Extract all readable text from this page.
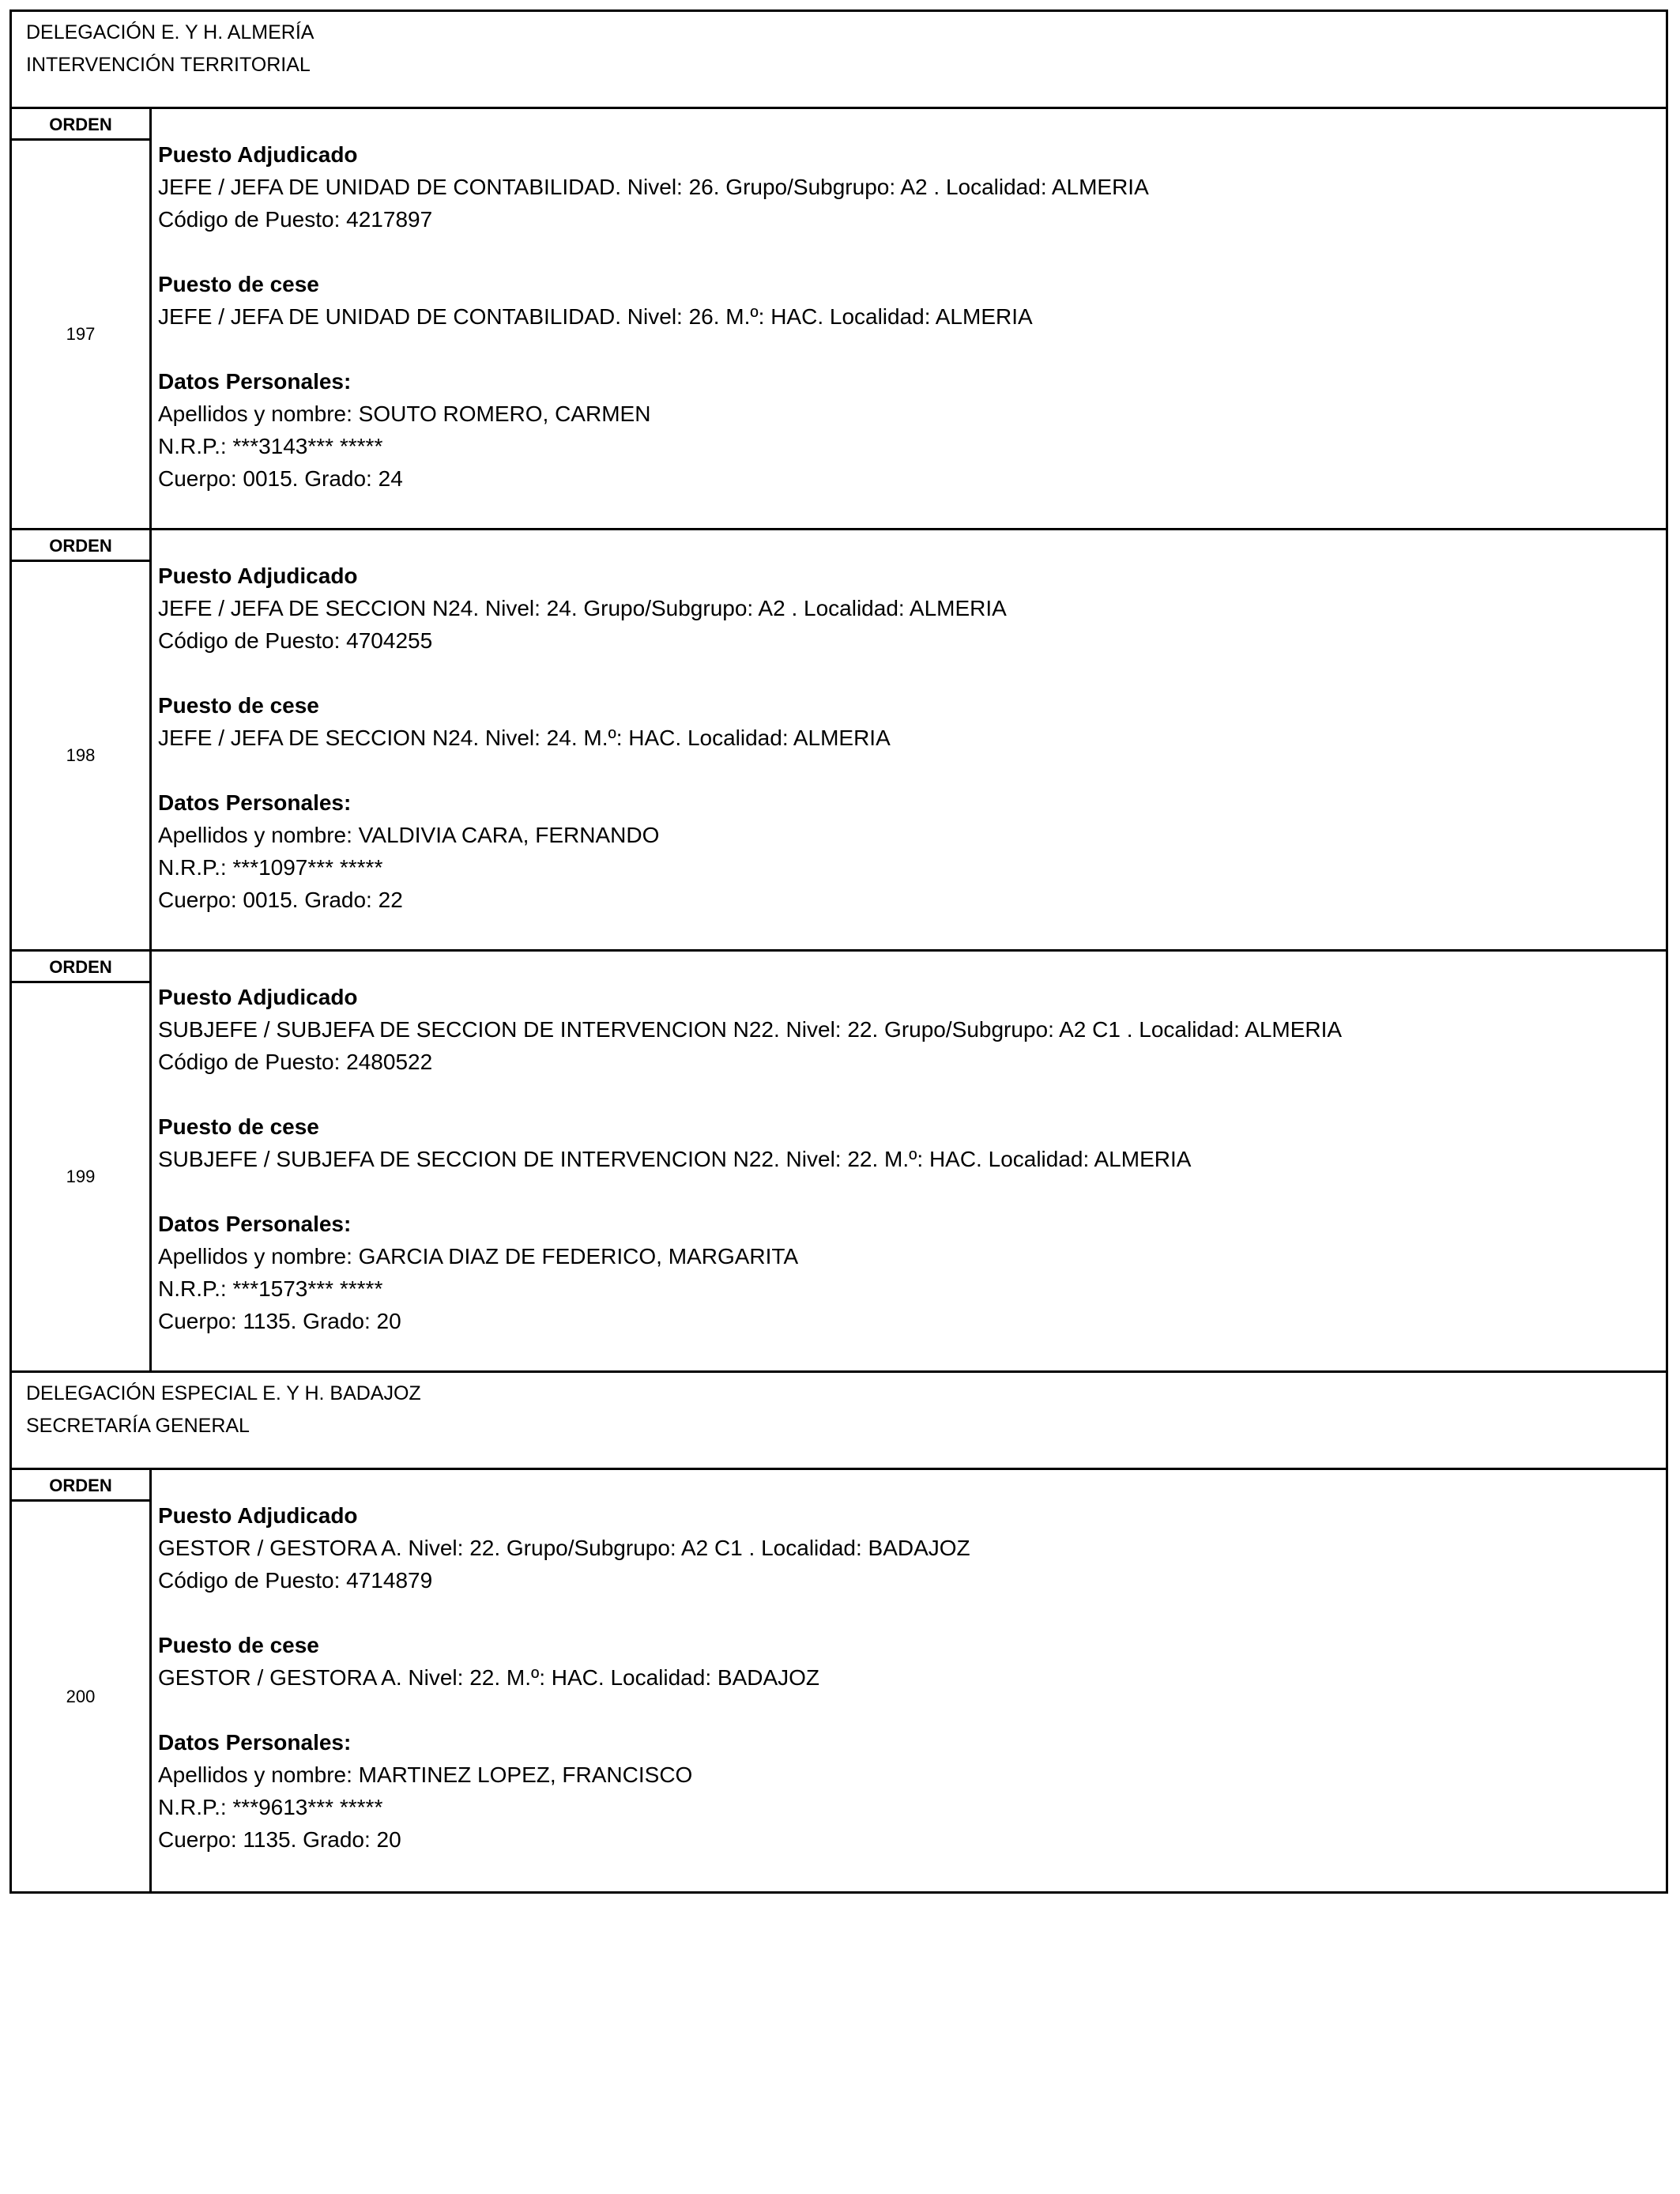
DELEGACIÓN E. Y H. ALMERÍA
INTERVENCIÓN TERRITORIAL
ORDEN
197
Puesto Adjudicado
JEFE / JEFA DE UNIDAD DE CONTABILIDAD. Nivel: 26. Grupo/Subgrupo: A2 . Localidad: ALMERIA
Código de Puesto: 4217897
Puesto de cese
JEFE / JEFA DE UNIDAD DE CONTABILIDAD. Nivel: 26. M.º: HAC. Localidad: ALMERIA
Datos Personales:
Apellidos y nombre: SOUTO ROMERO, CARMEN
N.R.P.: ***3143*** *****
Cuerpo: 0015. Grado: 24
ORDEN
198
Puesto Adjudicado
JEFE / JEFA DE SECCION N24. Nivel: 24. Grupo/Subgrupo: A2 . Localidad: ALMERIA
Código de Puesto: 4704255
Puesto de cese
JEFE / JEFA DE SECCION N24. Nivel: 24. M.º: HAC. Localidad: ALMERIA
Datos Personales:
Apellidos y nombre: VALDIVIA CARA, FERNANDO
N.R.P.: ***1097*** *****
Cuerpo: 0015. Grado: 22
ORDEN
199
Puesto Adjudicado
SUBJEFE / SUBJEFA DE SECCION DE INTERVENCION N22. Nivel: 22. Grupo/Subgrupo: A2 C1 . Localidad: ALMERIA
Código de Puesto: 2480522
Puesto de cese
SUBJEFE / SUBJEFA DE SECCION DE INTERVENCION N22. Nivel: 22. M.º: HAC. Localidad: ALMERIA
Datos Personales:
Apellidos y nombre: GARCIA DIAZ DE FEDERICO, MARGARITA
N.R.P.: ***1573*** *****
Cuerpo: 1135. Grado: 20
DELEGACIÓN ESPECIAL E. Y H. BADAJOZ
SECRETARÍA GENERAL
ORDEN
200
Puesto Adjudicado
GESTOR / GESTORA A. Nivel: 22. Grupo/Subgrupo: A2 C1 . Localidad: BADAJOZ
Código de Puesto: 4714879
Puesto de cese
GESTOR / GESTORA A. Nivel: 22. M.º: HAC. Localidad: BADAJOZ
Datos Personales:
Apellidos y nombre: MARTINEZ LOPEZ, FRANCISCO
N.R.P.: ***9613*** *****
Cuerpo: 1135. Grado: 20
